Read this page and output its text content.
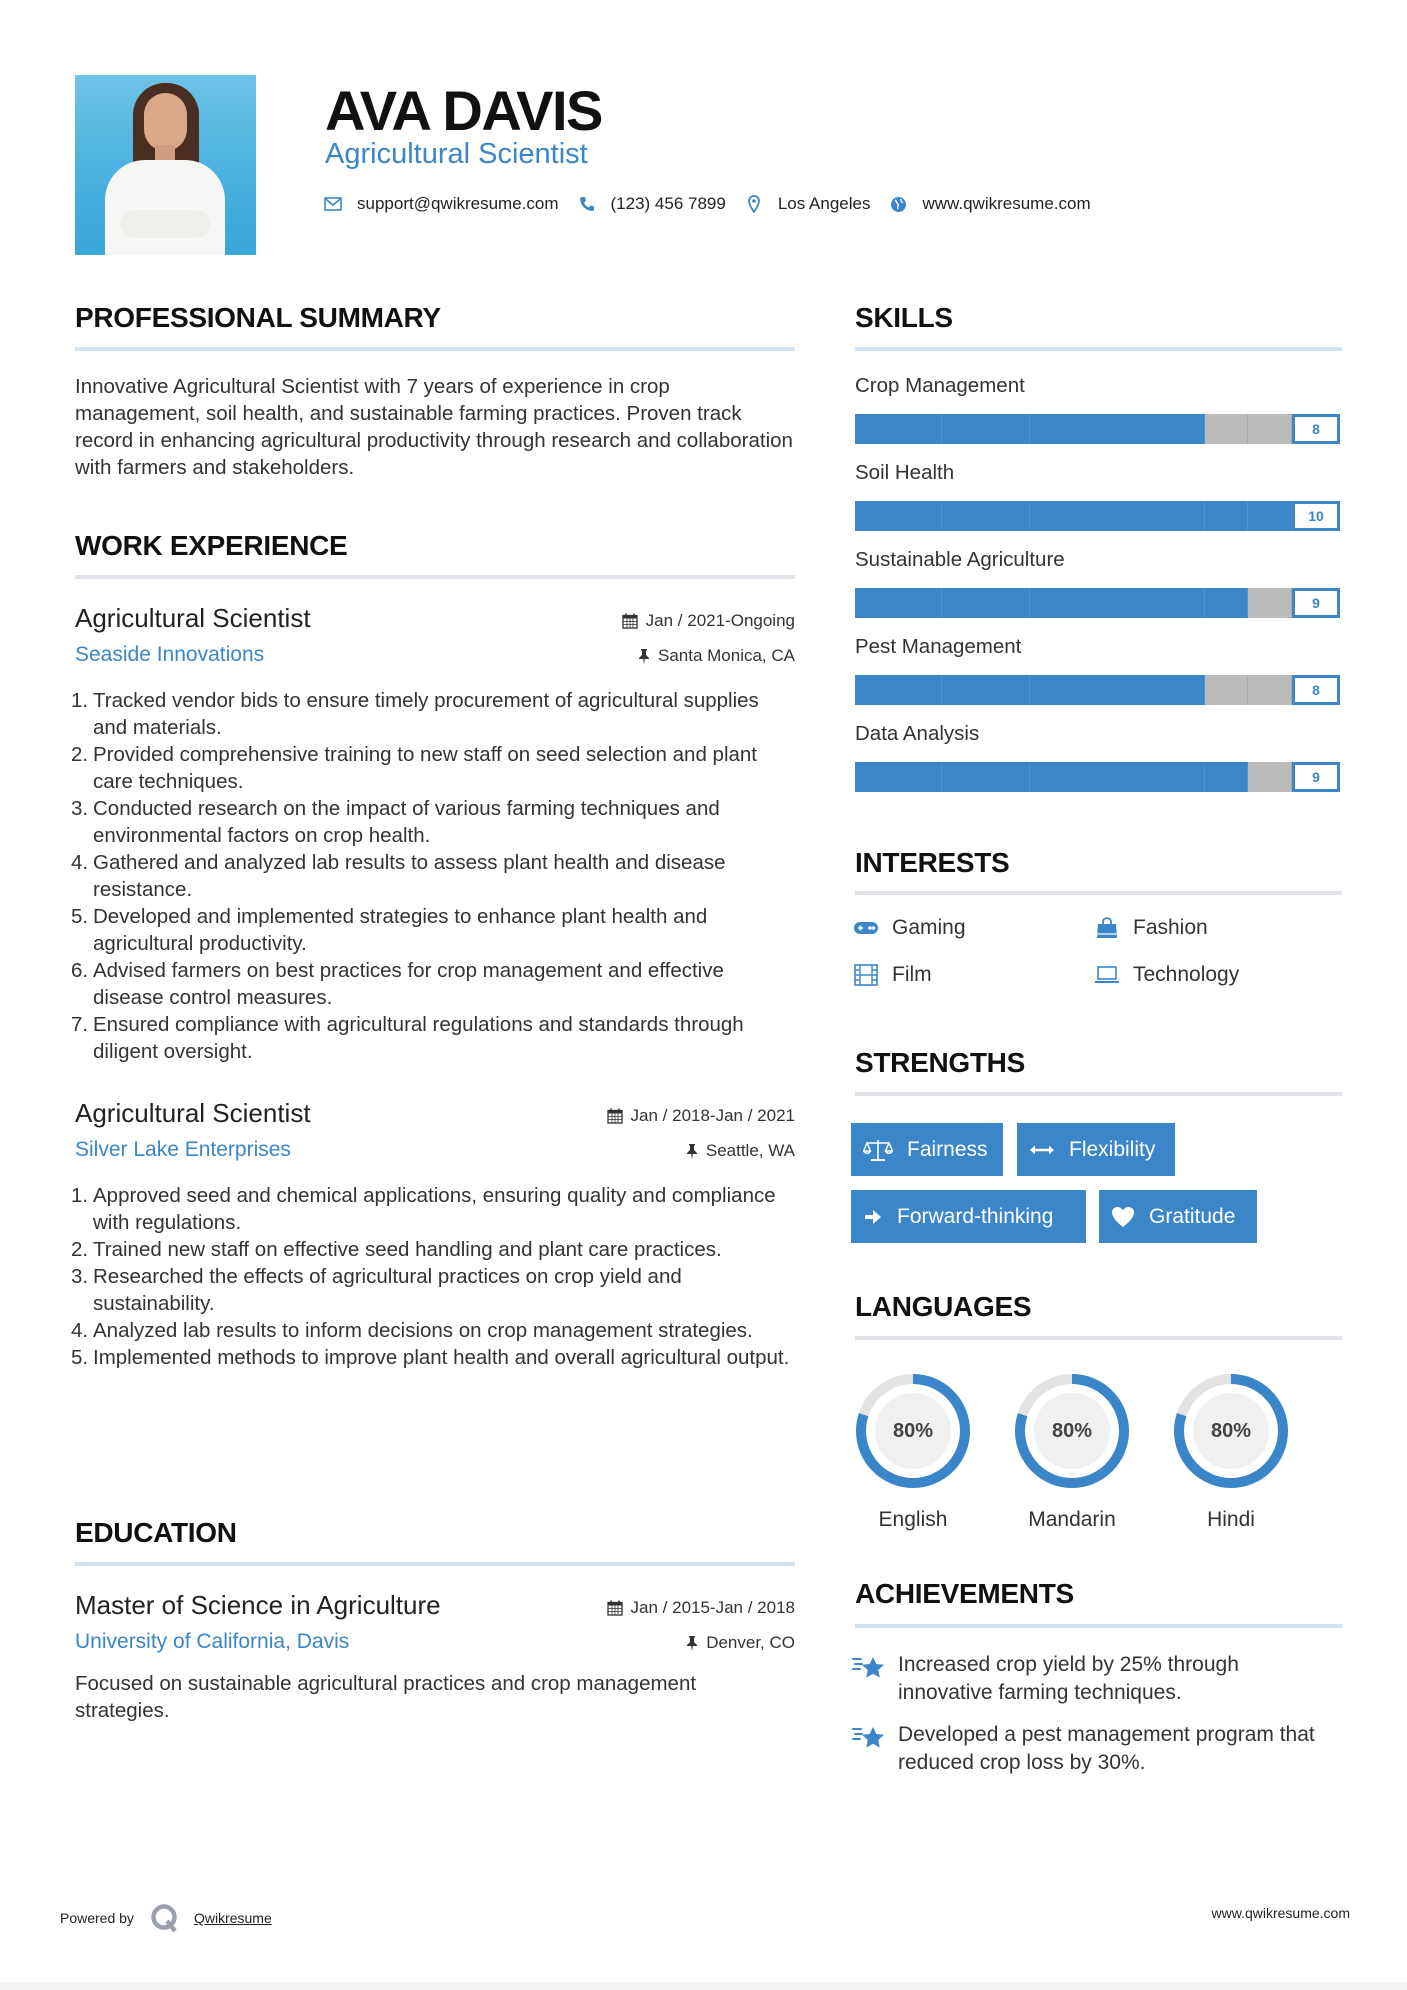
AVA DAVIS
Agricultural Scientist
support@qwikresume.com	(123) 456 7899	Los Angeles	www.qwikresume.com
PROFESSIONAL SUMMARY
Innovative Agricultural Scientist with 7 years of experience in crop management, soil health, and sustainable farming practices. Proven track record in enhancing agricultural productivity through research and collaboration with farmers and stakeholders.
WORK EXPERIENCE
Agricultural Scientist
Seaside Innovations
Jan / 2021-Ongoing
Santa Monica, CA
Tracked vendor bids to ensure timely procurement of agricultural supplies and materials.
Provided comprehensive training to new staff on seed selection and plant care techniques.
Conducted research on the impact of various farming techniques and environmental factors on crop health.
Gathered and analyzed lab results to assess plant health and disease resistance.
Developed and implemented strategies to enhance plant health and agricultural productivity.
Advised farmers on best practices for crop management and effective disease control measures.
Ensured compliance with agricultural regulations and standards through diligent oversight.
Agricultural Scientist
Silver Lake Enterprises
Jan / 2018-Jan / 2021
Seattle, WA
Approved seed and chemical applications, ensuring quality and compliance with regulations.
Trained new staff on effective seed handling and plant care practices.
Researched the effects of agricultural practices on crop yield and sustainability.
Analyzed lab results to inform decisions on crop management strategies.
Implemented methods to improve plant health and overall agricultural output.
EDUCATION
Master of Science in Agriculture
University of California, Davis
Jan / 2015-Jan / 2018
Denver, CO
Focused on sustainable agricultural practices and crop management strategies.
SKILLS
Crop Management
8
Soil Health
10
Sustainable Agriculture
9
Pest Management
8
Data Analysis
9
INTERESTS
Gaming	Fashion
Film	Technology
STRENGTHS
Fairness	Flexibility
Forward-thinking	Gratitude
LANGUAGES
80%
English
80%
Mandarin
80%
Hindi
ACHIEVEMENTS
Increased crop yield by 25% through innovative farming techniques.
Developed a pest management program that reduced crop loss by 30%.
Powered by	Qwikresume	www.qwikresume.com
